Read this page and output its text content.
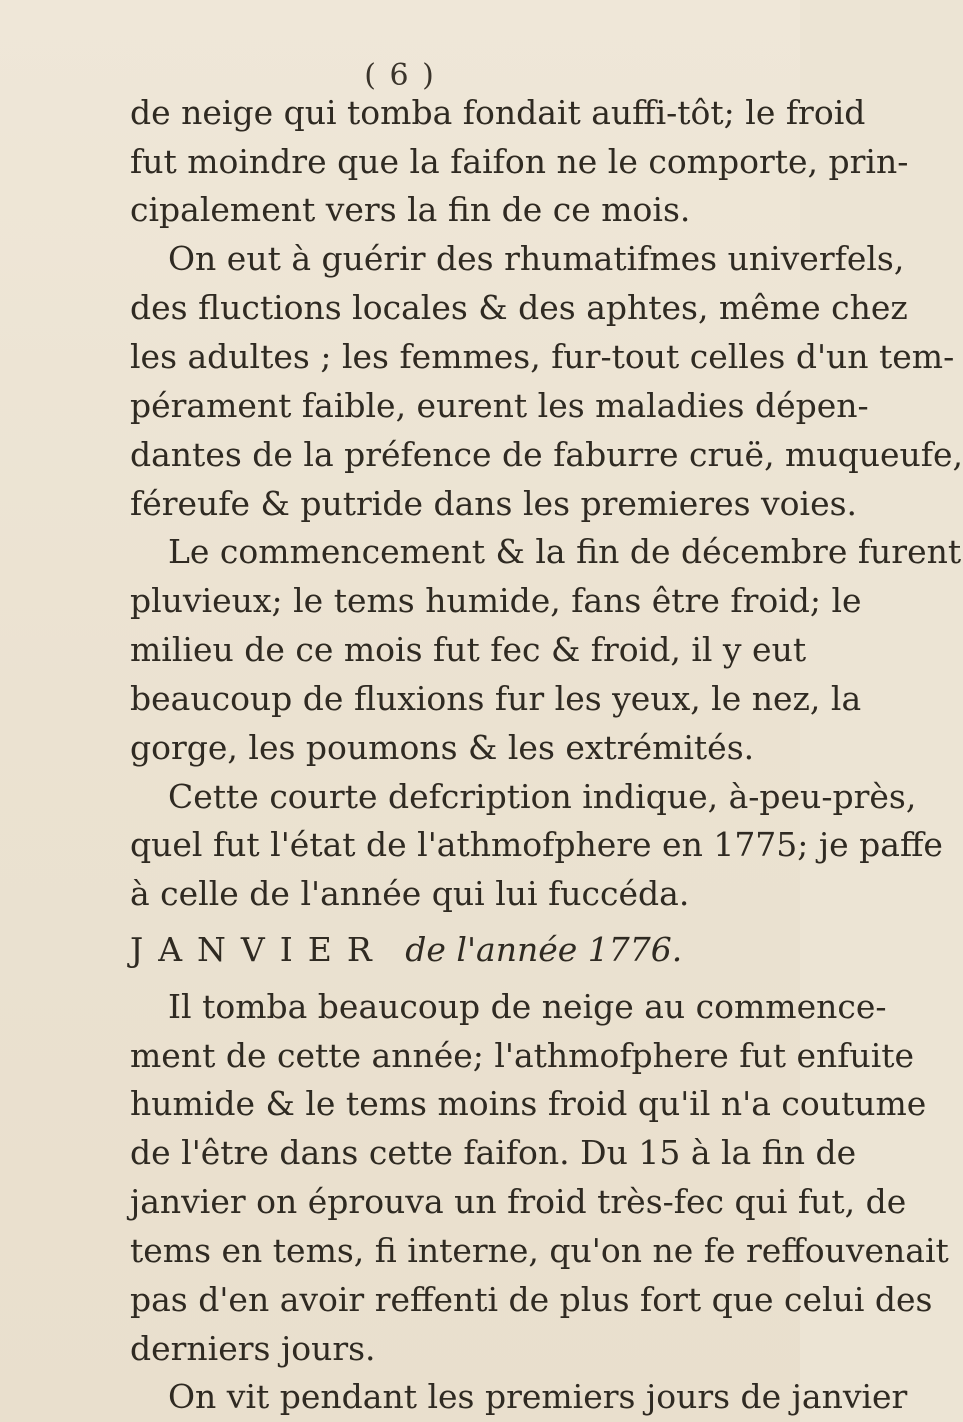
( 6 )
de neige qui tomba fondait auffi-tôt; le froid
fut moindre que la faifon ne le comporte, prin-
cipalement vers la fin de ce mois.
On eut à guérir des rhumatifmes univerfels,
des fluctions locales & des aphtes, même chez
les adultes ; les femmes, fur-tout celles d'un tem-
pérament faible, eurent les maladies dépen-
dantes de la préfence de faburre cruë, muqueufe,
féreufe & putride dans les premieres voies.
Le commencement & la fin de décembre furent
pluvieux; le tems humide, fans être froid; le
milieu de ce mois fut fec & froid, il y eut
beaucoup de fluxions fur les yeux, le nez, la
gorge, les poumons & les extrémités.
Cette courte defcription indique, à-peu-près,
quel fut l'état de l'athmofphere en 1775; je paffe
à celle de l'année qui lui fuccéda.
JANVIER de l'année 1776.
Il tomba beaucoup de neige au commence-
ment de cette année; l'athmofphere fut enfuite
humide & le tems moins froid qu'il n'a coutume
de l'être dans cette faifon. Du 15 à la fin de
janvier on éprouva un froid très-fec qui fut, de
tems en tems, fi interne, qu'on ne fe reffouvenait
pas d'en avoir reffenti de plus fort que celui des
derniers jours.
On vit pendant les premiers jours de janvier
